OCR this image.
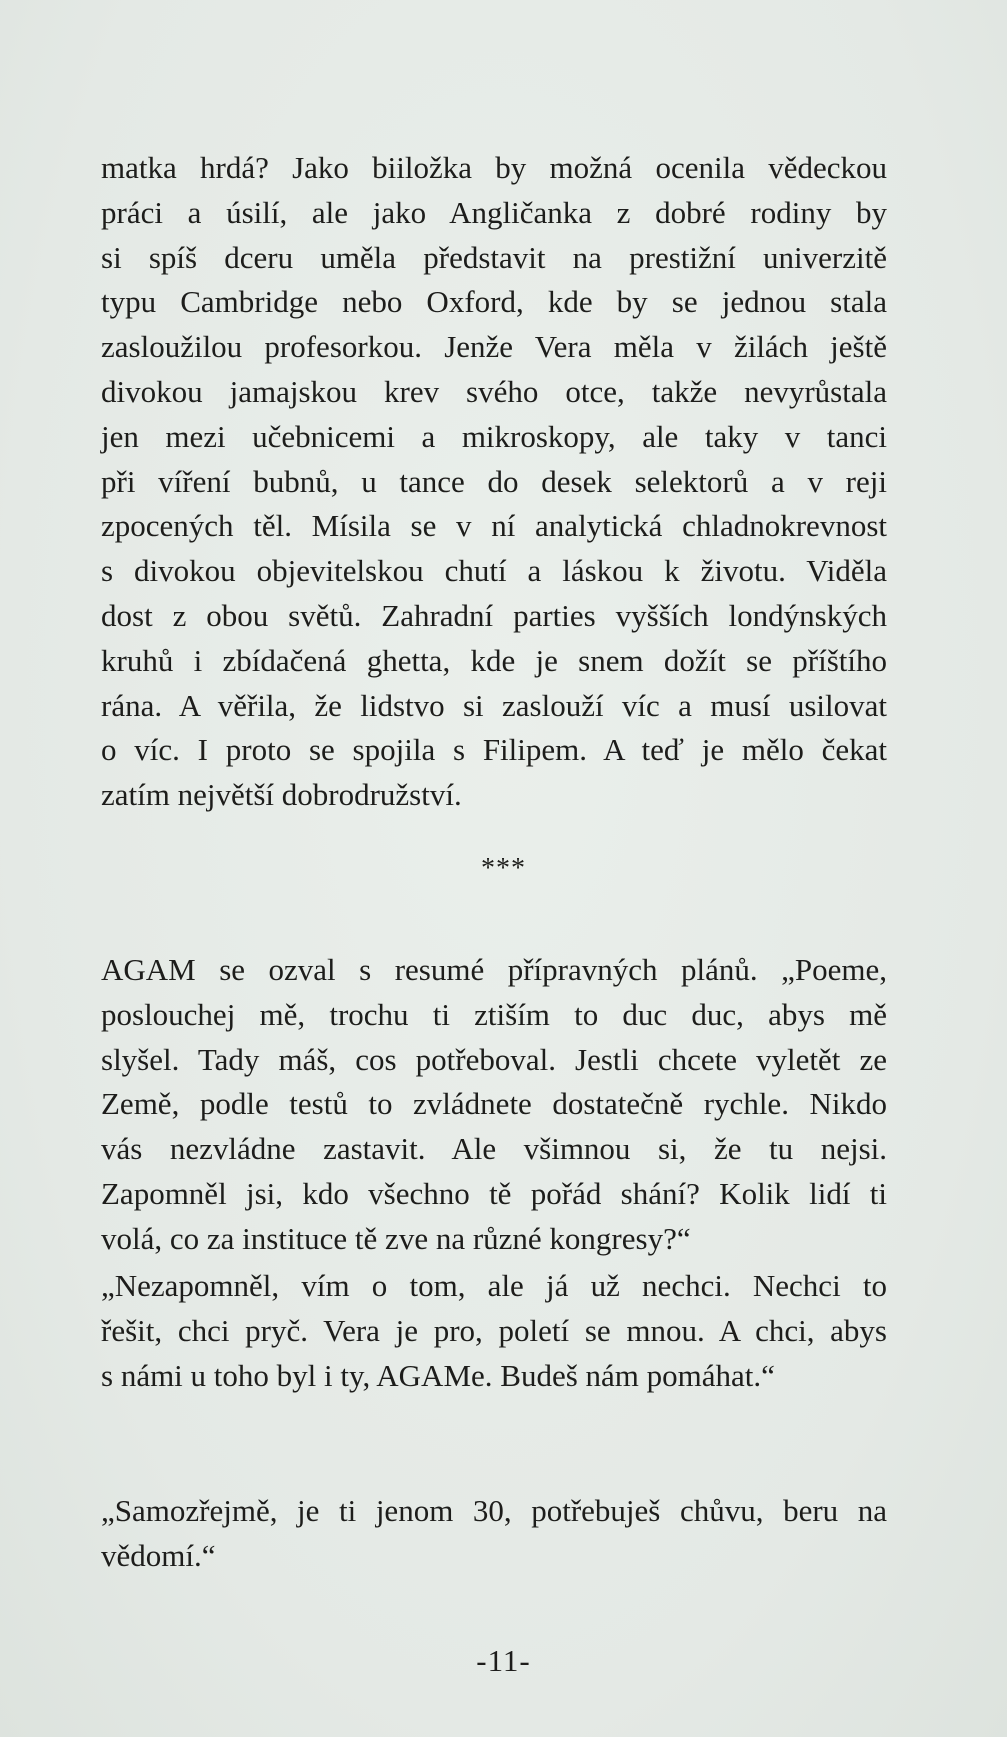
matka hrdá? Jako biiložka by možná ocenila vědeckou
práci a úsilí, ale jako Angličanka z dobré rodiny by
si spíš dceru uměla představit na prestižní univerzitě
typu Cambridge nebo Oxford, kde by se jednou stala
zasloužilou profesorkou. Jenže Vera měla v žilách ještě
divokou jamajskou krev svého otce, takže nevyrůstala
jen mezi učebnicemi a mikroskopy, ale taky v tanci
při víření bubnů, u tance do desek selektorů a v reji
zpocených těl. Mísila se v ní analytická chladnokrevnost
s divokou objevitelskou chutí a láskou k životu. Viděla
dost z obou světů. Zahradní parties vyšších londýnských
kruhů i zbídačená ghetta, kde je snem dožít se příštího
rána. A věřila, že lidstvo si zaslouží víc a musí usilovat
o víc. I proto se spojila s Filipem. A teď je mělo čekat
zatím největší dobrodružství.
***
AGAM se ozval s resumé přípravných plánů. „Poeme,
poslouchej mě, trochu ti ztiším to duc duc, abys mě
slyšel. Tady máš, cos potřeboval. Jestli chcete vyletět ze
Země, podle testů to zvládnete dostatečně rychle. Nikdo
vás nezvládne zastavit. Ale všimnou si, že tu nejsi.
Zapomněl jsi, kdo všechno tě pořád shání? Kolik lidí ti
volá, co za instituce tě zve na různé kongresy?“
„Nezapomněl, vím o tom, ale já už nechci. Nechci to
řešit, chci pryč. Vera je pro, poletí se mnou. A chci, abys
s námi u toho byl i ty, AGAMe. Budeš nám pomáhat.“
„Samozřejmě, je ti jenom 30, potřebuješ chůvu, beru na
vědomí.“
-11-
